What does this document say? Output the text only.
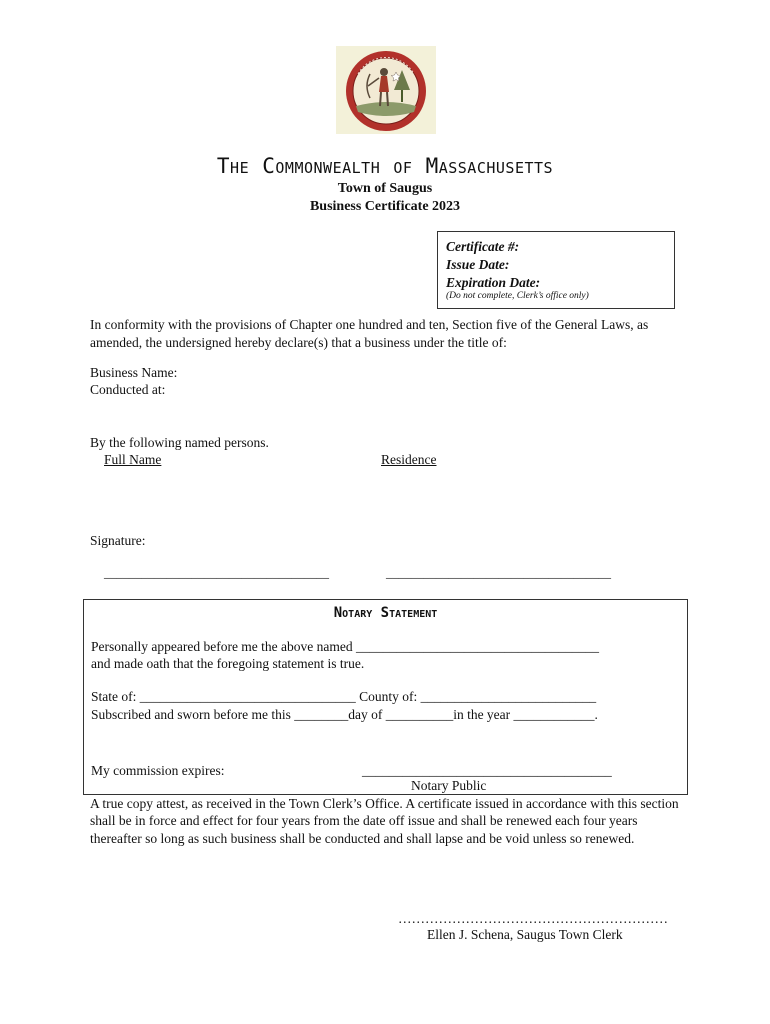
The Commonwealth of Massachusetts
Town of Saugus
Business Certificate 2023
Certificate #:
Issue Date:
Expiration Date:
(Do not complete, Clerk’s office only)
In conformity with the provisions of Chapter one hundred and ten, Section five of the General Laws, as amended, the undersigned hereby declare(s) that a business under the title of:
Business Name:
Conducted at:
By the following named persons.
Full Name	Residence
Signature:
____________________________________	____________________________________
Notary Statement
Personally appeared before me the above named ____________________________________
and made oath that the foregoing statement is true.
State of: ________________________________ County of: __________________________
Subscribed and sworn before me this ________day of __________in the year ____________.
My commission expires:	_____________________________________
Notary Public
A true copy attest, as received in the Town Clerk’s Office. A certificate issued in accordance with this section shall be in force and effect for four years from the date off issue and shall be renewed each four years thereafter so long as such business shall be conducted and shall lapse and be void unless so renewed.
……………………………………………………
Ellen J. Schena, Saugus Town Clerk
